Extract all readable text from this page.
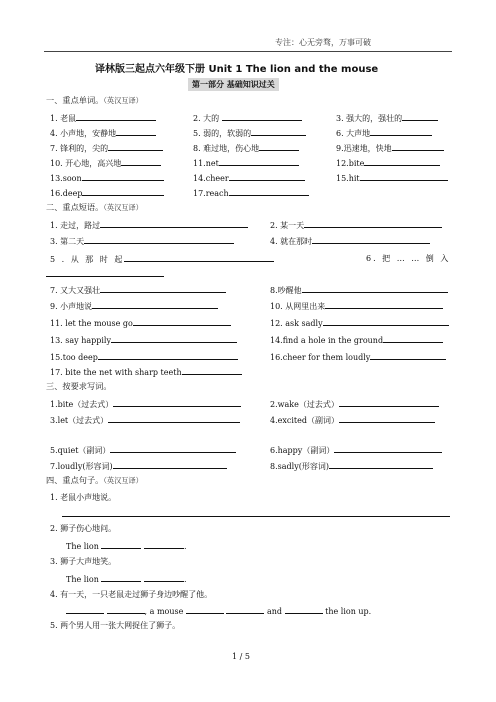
专注：心无旁骛，万事可破
译林版三起点六年级下册 Unit 1 The lion and the mouse
第一部分 基础知识过关
一、重点单词。（英汉互译）
1. 老鼠	2. 大的	3. 强大的，强壮的
4. 小声地，安静地	5. 弱的，软弱的	6. 大声地
7. 锋利的，尖的	8. 难过地，伤心地	9.迅速地，快地
10. 开心地，高兴地	11.net	12.bite
13.soon	14.cheer	15.hit
16.deep	17.reach
二、重点短语。（英汉互译）
1. 走过，路过	2. 某一天
3. 第二天	4. 就在那时
5 . 从 那 时 起	6. 把 … … 倒 入
7. 又大又强壮	8.吵醒他
9. 小声地说	10. 从网里出来
11. let the mouse go	12. ask sadly
13. say happily	14.find a hole in the ground
15.too deep	16.cheer for them loudly
17. bite the net with sharp teeth
三、按要求写词。
1.bite（过去式）	2.wake（过去式）
3.let（过去式）	4.excited（副词）
5.quiet（副词）	6.happy（副词）
7.loudly(形容词)	8.sadly(形容词)
四、重点句子。（英汉互译）
1. 老鼠小声地说。
2. 狮子伤心地问。
The lion	.
3. 狮子大声地笑。
The lion	.
4. 有一天，一只老鼠走过狮子身边吵醒了他。
, a mouse	and	the lion up.
5. 两个男人用一张大网捉住了狮子。
1 / 5
